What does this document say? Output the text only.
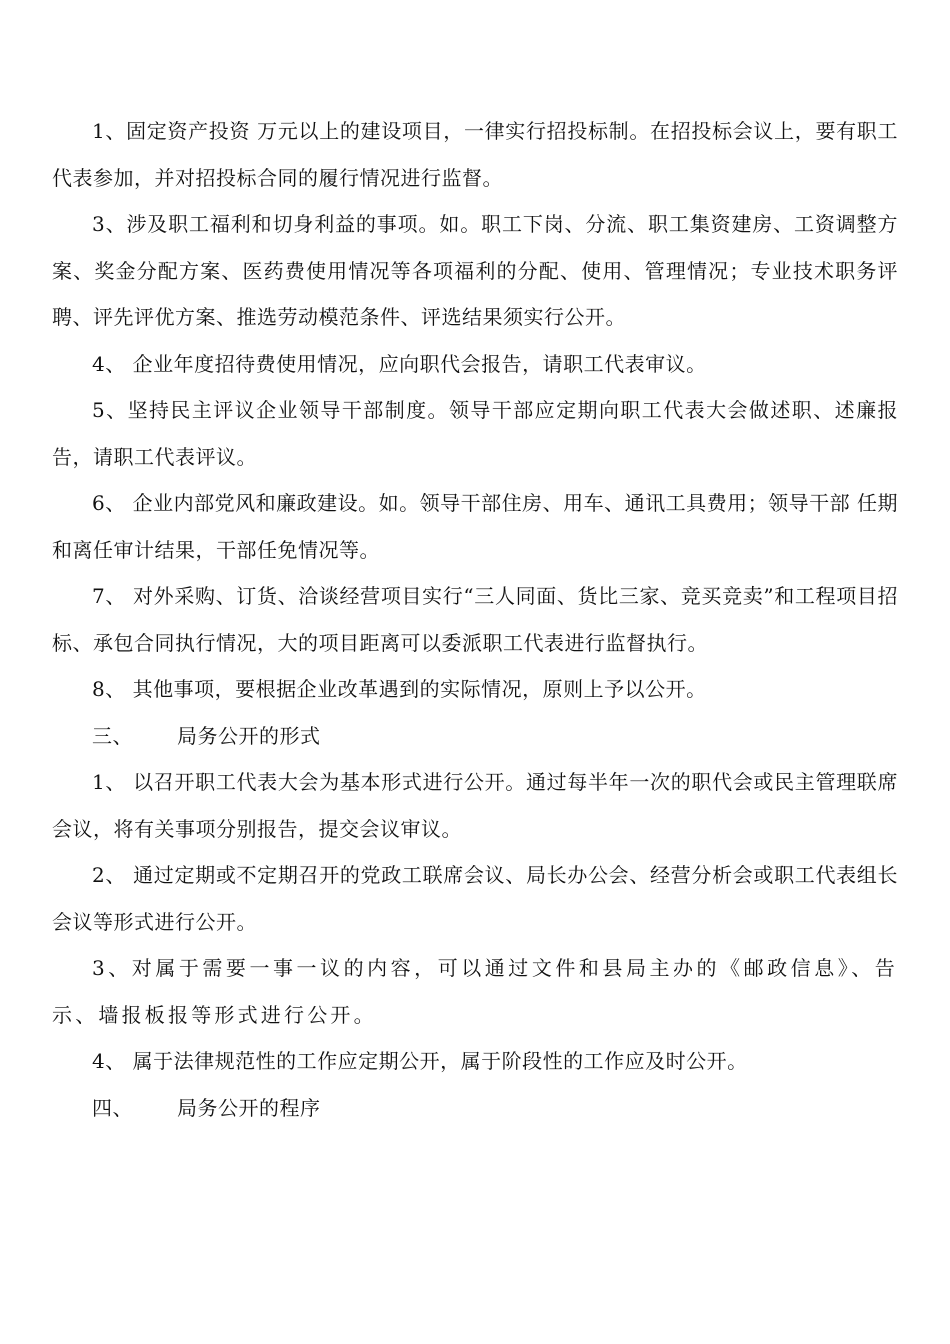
1、固定资产投资 万元以上的建设项目，一律实行招投标制。在招投标会议上，要有职工代表参加，并对招投标合同的履行情况进行监督。

3、涉及职工福利和切身利益的事项。如。职工下岗、分流、职工集资建房、工资调整方案、奖金分配方案、医药费使用情况等各项福利的分配、使用、管理情况；专业技术职务评聘、评先评优方案、推选劳动模范条件、评选结果须实行公开。

4、 企业年度招待费使用情况，应向职代会报告，请职工代表审议。

5、坚持民主评议企业领导干部制度。领导干部应定期向职工代表大会做述职、述廉报告，请职工代表评议。

6、 企业内部党风和廉政建设。如。领导干部住房、用车、通讯工具费用；领导干部 任期和离任审计结果，干部任免情况等。

7、 对外采购、订货、洽谈经营项目实行“三人同面、货比三家、竞买竞卖”和工程项目招标、承包合同执行情况，大的项目距离可以委派职工代表进行监督执行。

8、 其他事项，要根据企业改革遇到的实际情况，原则上予以公开。

三、 局务公开的形式

1、 以召开职工代表大会为基本形式进行公开。通过每半年一次的职代会或民主管理联席会议，将有关事项分别报告，提交会议审议。

2、 通过定期或不定期召开的党政工联席会议、局长办公会、经营分析会或职工代表组长会议等形式进行公开。

3、对属于需要一事一议的内容，可以通过文件和县局主办的《邮政信息》、告示、墙报板报等形式进行公开。

4、 属于法律规范性的工作应定期公开，属于阶段性的工作应及时公开。

四、 局务公开的程序
